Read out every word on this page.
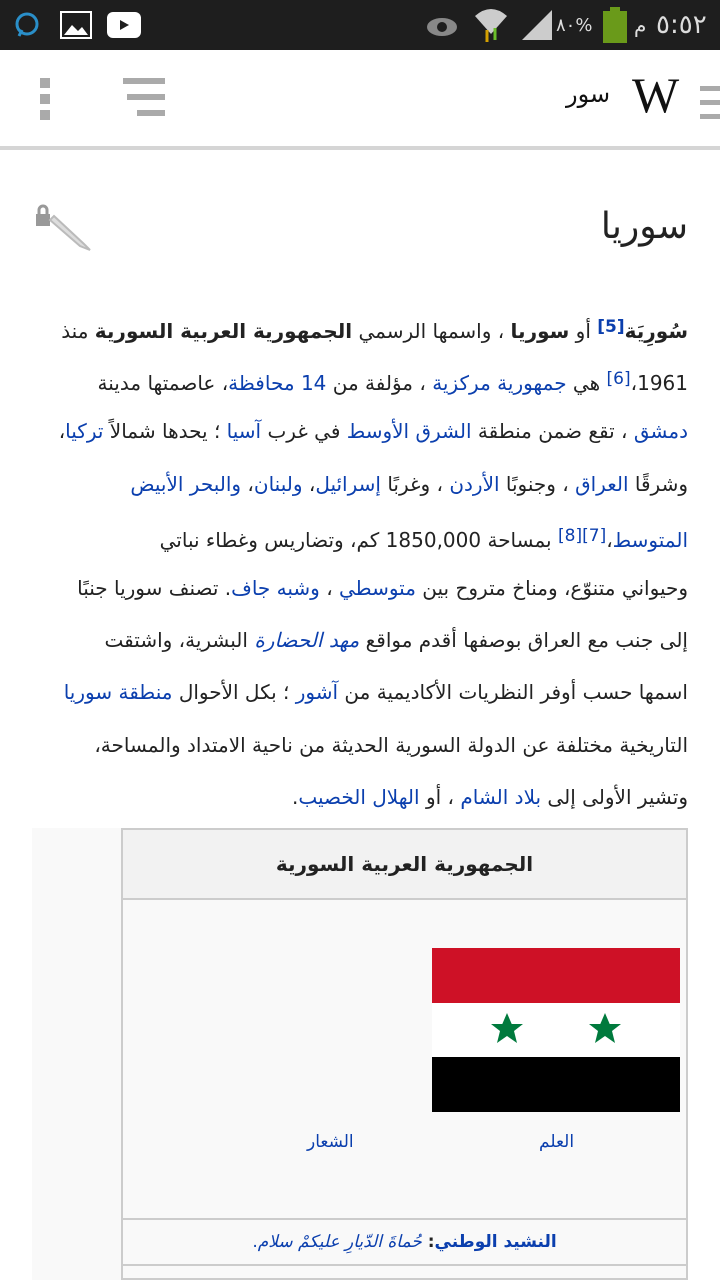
٨٠% م ٥:٥٢
سور W
سوريا
سُورِيَة[5] أو سوريا ، واسمها الرسمي الجمهورية العربية السورية منذ
1961،[6] هي جمهورية مركزية ، مؤلفة من 14 محافظة، عاصمتها مدينة
دمشق ، تقع ضمن منطقة الشرق الأوسط في غرب آسيا ؛ يحدها شمالاً تركيا،
وشرقًا العراق ، وجنوبًا الأردن ، وغربًا إسرائيل، ولبنان، والبحر الأبيض
المتوسط،[7][8] بمساحة 1850,000 كم، وتضاريس وغطاء نباتي
وحيواني متنوّع، ومناخ متروح بين متوسطي ، وشبه جاف. تصنف سوريا جنبًا
إلى جنب مع العراق بوصفها أقدم مواقع مهد الحضارة البشرية، واشتقت
اسمها حسب أوفر النظريات الأكاديمية من آشور ؛ بكل الأحوال منطقة سوريا
التاريخية مختلفة عن الدولة السورية الحديثة من ناحية الامتداد والمساحة،
وتشير الأولى إلى بلاد الشام ، أو الهلال الخصيب.
الجمهورية العربية السورية
العلم
الشعار
النشيد الوطني
:
حُماةَ الدّيارِ عليكمْ سلام
.
